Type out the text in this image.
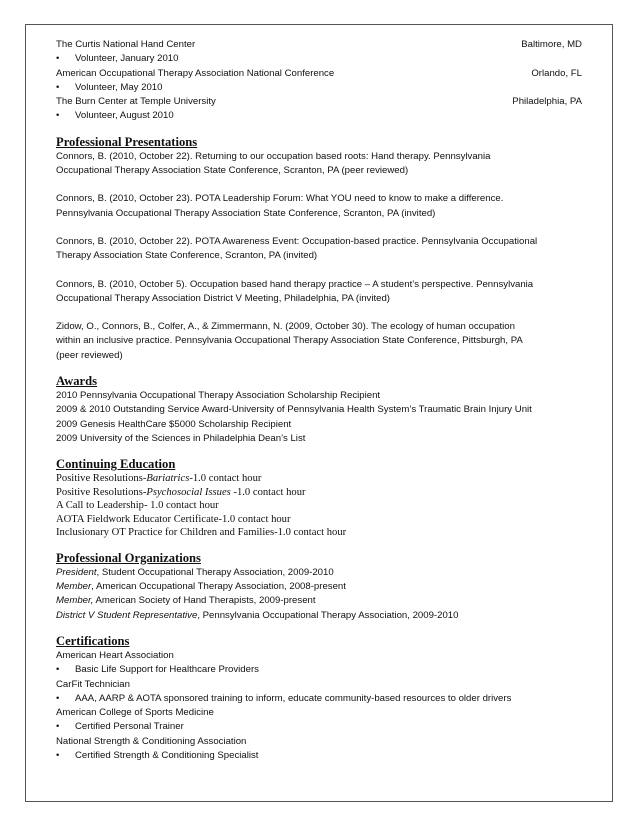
The Curtis National Hand Center	Baltimore, MD
•	Volunteer, January 2010
American Occupational Therapy Association National Conference	Orlando, FL
•	Volunteer, May 2010
The Burn Center at Temple University	Philadelphia, PA
•	Volunteer, August 2010
Professional Presentations

Connors, B. (2010, October 22). Returning to our occupation based roots: Hand therapy. Pennsylvania

Occupational Therapy Association State Conference, Scranton, PA (peer reviewed)

Connors, B. (2010, October 23). POTA Leadership Forum: What YOU need to know to make a difference.

Pennsylvania Occupational Therapy Association State Conference, Scranton, PA (invited)

Connors, B. (2010, October 22). POTA Awareness Event: Occupation-based practice. Pennsylvania Occupational

Therapy Association State Conference, Scranton, PA (invited)

Connors, B. (2010, October 5). Occupation based hand therapy practice – A student’s perspective. Pennsylvania

Occupational Therapy Association District V Meeting, Philadelphia, PA (invited)

Zidow, O., Connors, B., Colfer, A., & Zimmermann, N. (2009, October 30). The ecology of human occupation

within an inclusive practice. Pennsylvania Occupational Therapy Association State Conference, Pittsburgh, PA

(peer reviewed)

Awards

2010 Pennsylvania Occupational Therapy Association Scholarship Recipient

2009 & 2010 Outstanding Service Award-University of Pennsylvania Health System’s Traumatic Brain Injury Unit

2009 Genesis HealthCare $5000 Scholarship Recipient

2009 University of the Sciences in Philadelphia Dean’s List

Continuing Education

Positive Resolutions-Bariatrics-1.0 contact hour

Positive Resolutions-Psychosocial Issues -1.0 contact hour

A Call to Leadership- 1.0 contact hour

AOTA Fieldwork Educator Certificate-1.0 contact hour

Inclusionary OT Practice for Children and Families-1.0 contact hour

Professional Organizations

President, Student Occupational Therapy Association, 2009-2010

Member, American Occupational Therapy Association, 2008-present

Member, American Society of Hand Therapists, 2009-present

District V Student Representative, Pennsylvania Occupational Therapy Association, 2009-2010

Certifications

American Heart Association

•	Basic Life Support for Healthcare Providers

CarFit Technician

•	AAA, AARP & AOTA sponsored training to inform, educate community-based resources to older drivers

American College of Sports Medicine

•	Certified Personal Trainer

National Strength & Conditioning Association

•	Certified Strength & Conditioning Specialist
